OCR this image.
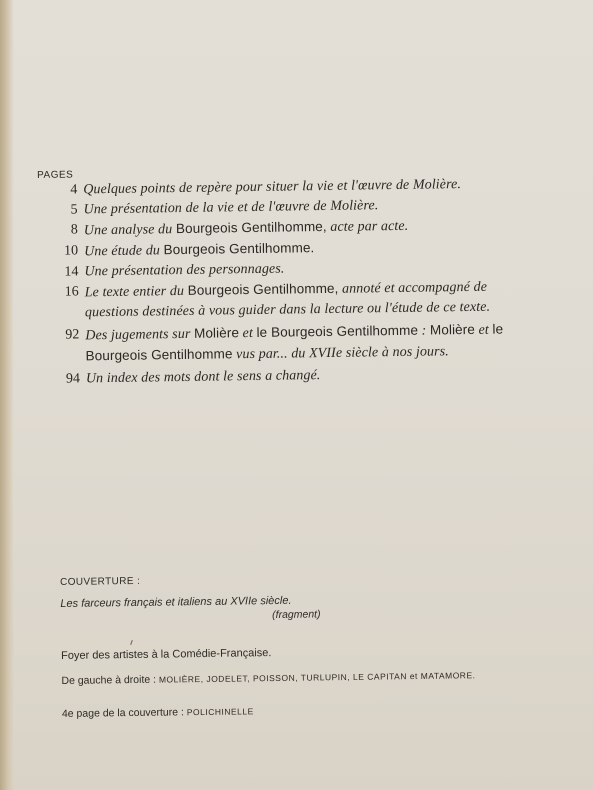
PAGES
4 Quelques points de repère pour situer la vie et l'œuvre de Molière.
5 Une présentation de la vie et de l'œuvre de Molière.
8 Une analyse du Bourgeois Gentilhomme, acte par acte.
10 Une étude du Bourgeois Gentilhomme.
14 Une présentation des personnages.
16 Le texte entier du Bourgeois Gentilhomme, annoté et accompagné de questions destinées à vous guider dans la lecture ou l'étude de ce texte.
92 Des jugements sur Molière et le Bourgeois Gentilhomme : Molière et le Bourgeois Gentilhomme vus par... du XVIIe siècle à nos jours.
94 Un index des mots dont le sens a changé.
COUVERTURE :
Les farceurs français et italiens au XVIIe siècle.
(fragment)
Foyer des artistes à la Comédie-Française.
De gauche à droite : MOLIÈRE, JODELET, POISSON, TURLUPIN, LE CAPITAN et MATAMORE.
4e page de la couverture : POLICHINELLE
